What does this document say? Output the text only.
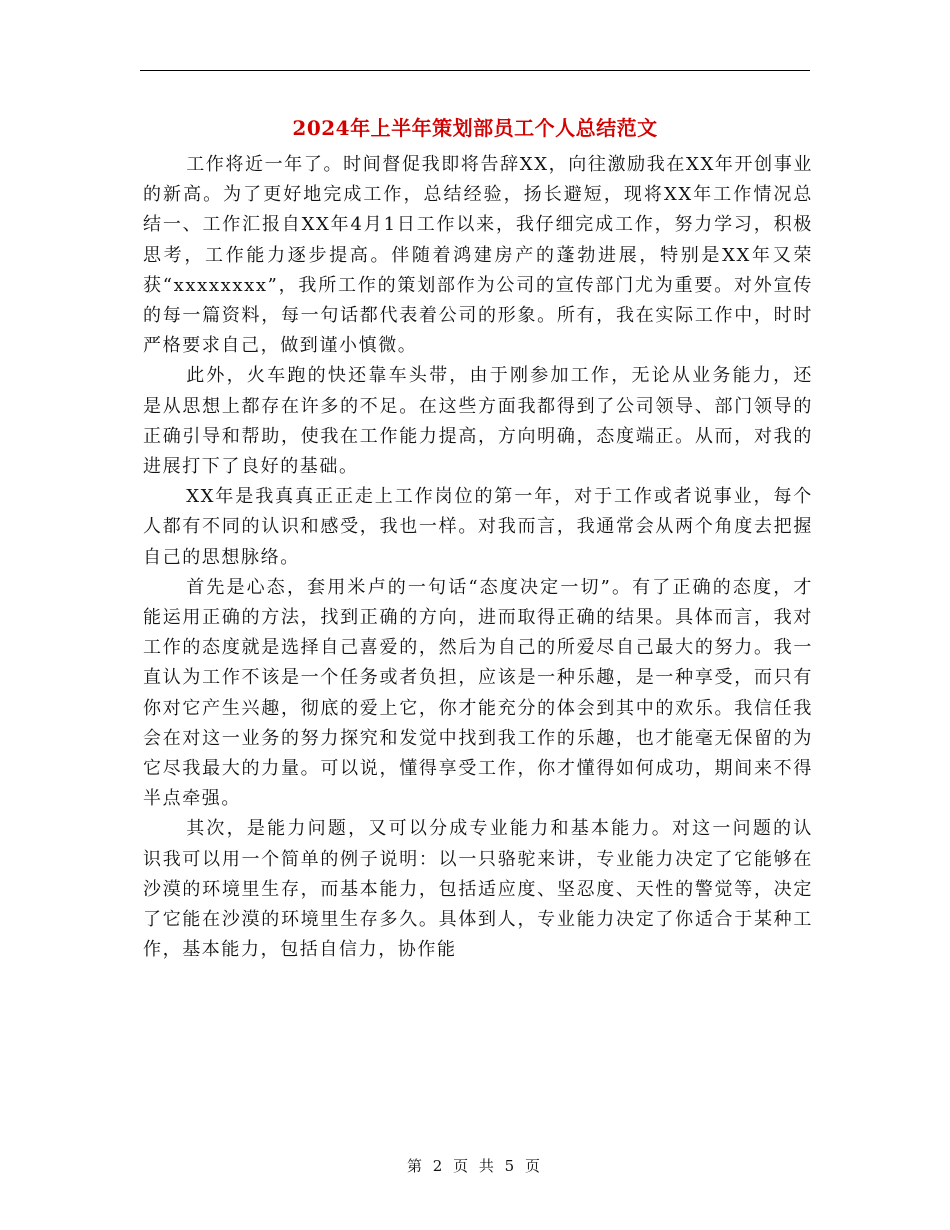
2024年上半年策划部员工个人总结范文

工作将近一年了。时间督促我即将告辞XX，向往激励我在XX年开创事业的新高。为了更好地完成工作，总结经验，扬长避短，现将XX年工作情况总结一、工作汇报自XX年4月1日工作以来，我仔细完成工作，努力学习，积极思考，工作能力逐步提高。伴随着鸿建房产的蓬勃进展，特别是XX年又荣获“xxxxxxxx”，我所工作的策划部作为公司的宣传部门尤为重要。对外宣传的每一篇资料，每一句话都代表着公司的形象。所有，我在实际工作中，时时严格要求自己，做到谨小慎微。

此外，火车跑的快还靠车头带，由于刚参加工作，无论从业务能力，还是从思想上都存在许多的不足。在这些方面我都得到了公司领导、部门领导的正确引导和帮助，使我在工作能力提高，方向明确，态度端正。从而，对我的进展打下了良好的基础。

XX年是我真真正正走上工作岗位的第一年，对于工作或者说事业，每个人都有不同的认识和感受，我也一样。对我而言，我通常会从两个角度去把握自己的思想脉络。

首先是心态，套用米卢的一句话“态度决定一切”。有了正确的态度，才能运用正确的方法，找到正确的方向，进而取得正确的结果。具体而言，我对工作的态度就是选择自己喜爱的，然后为自己的所爱尽自己最大的努力。我一直认为工作不该是一个任务或者负担，应该是一种乐趣，是一种享受，而只有你对它产生兴趣，彻底的爱上它，你才能充分的体会到其中的欢乐。我信任我会在对这一业务的努力探究和发觉中找到我工作的乐趣，也才能毫无保留的为它尽我最大的力量。可以说，懂得享受工作，你才懂得如何成功，期间来不得半点牵强。

其次，是能力问题，又可以分成专业能力和基本能力。对这一问题的认识我可以用一个简单的例子说明：以一只骆驼来讲，专业能力决定了它能够在沙漠的环境里生存，而基本能力，包括适应度、坚忍度、天性的警觉等，决定了它能在沙漠的环境里生存多久。具体到人，专业能力决定了你适合于某种工作，基本能力，包括自信力，协作能

第 2 页 共 5 页
